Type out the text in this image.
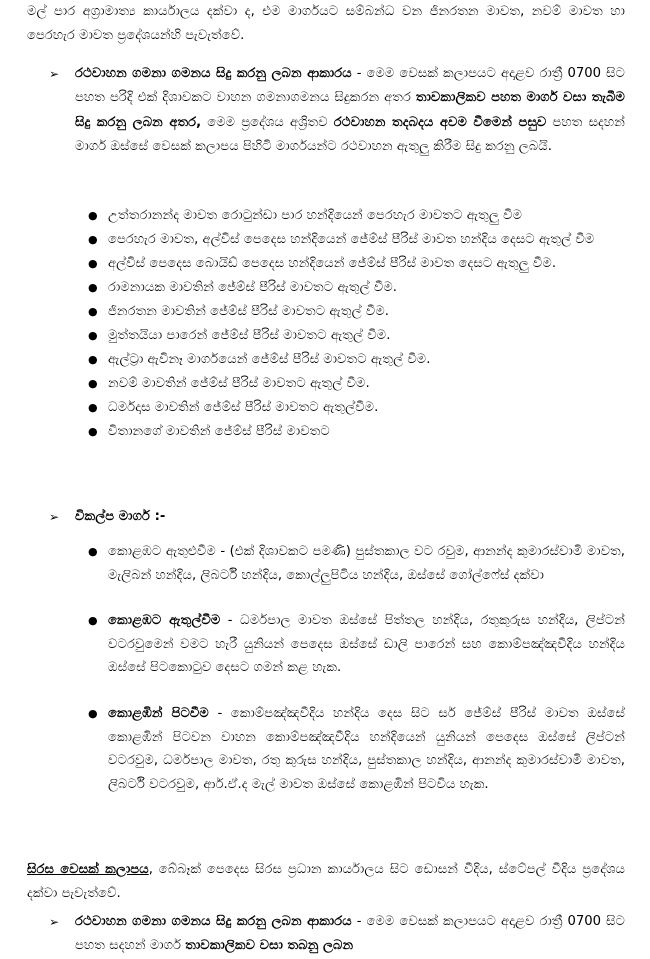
මල් පාර අග්‍රාමාත්‍ය කාර්යාලය දක්වා ද, එම මාර්ගයට සම්බන්ධ වන ජිනරතන මාවත, නවම් මාවත හා පෙරහැර මාවත ප්‍රදේශයන්හි පැවැත්වේ.

➢	රථවාහන ගමනා ගමනය සිදු කරනු ලබන ආකාරය - මෙම වෙසක් කලාපයට අදාළව රාත්‍රී 0700 සිට පහත පරිදි එක් දිශාවකට වාහන ගමනාගමනය සිදුකරන අතර තාවකාලිකව පහත මාර්ග වසා තැබීම සිදු කරනු ලබන අතර, මෙම ප්‍රදේශය අශ්‍රිතව රථවාහන තදබදය අවම වීමෙන් පසුව පහත සදහන් මාර්ග ඔස්සේ වෙසක් කලාපය පිහිටි මාර්ගයන්ට රථවාහන ඇතුලු කිරීම සිදු කරනු ලබයි.
● උත්තරානන්ද මාවත රොටුන්ඩා පාර හන්දියෙන් පෙරහැර මාවතට ඇතුලු වීම
● පෙරහැර මාවත, අල්විස් පෙදෙස හන්දියෙන් ජේම්ස් පීරිස් මාවත හන්දිය දෙසට ඇතුල් වීම
● අල්විස් පෙදෙස බොයිඩ් පෙදෙස හන්දියෙන් ජේම්ස් පීරිස් මාවත දෙසට ඇතුලු වීම.
● රාමනායක මාවතින් ජේම්ස් පීරිස් මාවතට ඇතුල් වීම.
● ජිනරතන මාවතින් ජේම්ස් පීරිස් මාවතට ඇතුල් වීම.
● මුත්තයියා පාරෙන් ජේම්ස් පීරිස් මාවතට ඇතුල් වීම.
● ඇල්ට්‍රා ඇවිනෑ මාර්ගයෙන් ජේම්ස් පීරිස් මාවතට ඇතුල් වීම.
● නවම් මාවතින් ජේම්ස් පීරිස් මාවතට ඇතුල් වීම.
● ධර්මදාස මාවතින් ජේම්ස් පීරිස් මාවතට ඇතුල්වීම.
● විතානගේ මාවතින් ජේම්ස් පීරිස් මාවතට
➢	විකල්ප මාර්ග :-
● කොළඹට ඇතුළුවීම - (එක් දිශාවකට පමණි) පුස්තකාල වට රවුම, ආනන්ද කුමාරස්වාමි මාවත, මැලිබන් හන්දිය, ලිබර්ටි හන්දිය, කොල්ලුපිටිය හන්දිය, ඔස්සේ ගෝල්ෆේස් දක්වා
● කොළඹට ඇතුල්වීම - ධර්මපාල මාවත ඔස්සේ පිත්තල හන්දිය, රතුකුරුස හන්දිය, ලිප්ටන් වටරවුමෙන් වමට හැරී යුනියන් පෙදෙස ඔස්සේ ඩාලි පාරෙන් සහ කොම්පඤ්ඤවීදිය හන්දිය ඔස්සේ පිටකොටුව දෙසට ගමන් කළ හැක.
● කොළඹින් පිටවීම - කොම්පඤ්ඤවීදිය හන්දිය දෙස සිට සර් ජේම්ස් පීරිස් මාවත ඔස්සේ කොළඹින් පිටවන වාහන කොම්පඤ්ඤවීදිය හන්දියෙන් යුනියන් පෙදෙස ඔස්සේ ලිප්ටන් වටරවුම, ධර්මපාල මාවත, රතු කුරුස හන්දිය, පුස්තකාල හන්දිය, ආනන්ද කුමාරස්වාමි මාවත, ලිබර්ටි වටරවුම, ආර්.ඒ.ද මැල් මාවත ඔස්සේ කොළඹින් පිටවිය හැක.

සිරස වෙසක් කලාපය, බේබෑක් පෙදෙස සිරස ප්‍රධාන කාර්යාලය සිට ඩොසන් වීදිය, ස්ටේපල් වීදිය ප්‍රදේශය දක්වා පැවැත්වේ.

➢	රථවාහන ගමනා ගමනය සිදු කරනු ලබන ආකාරය - මෙම වෙසක් කලාපයට අදාළව රාත්‍රී 0700 සිට පහත සදහන් මාර්ග තාවකාලිකව වසා තබනු ලබන
